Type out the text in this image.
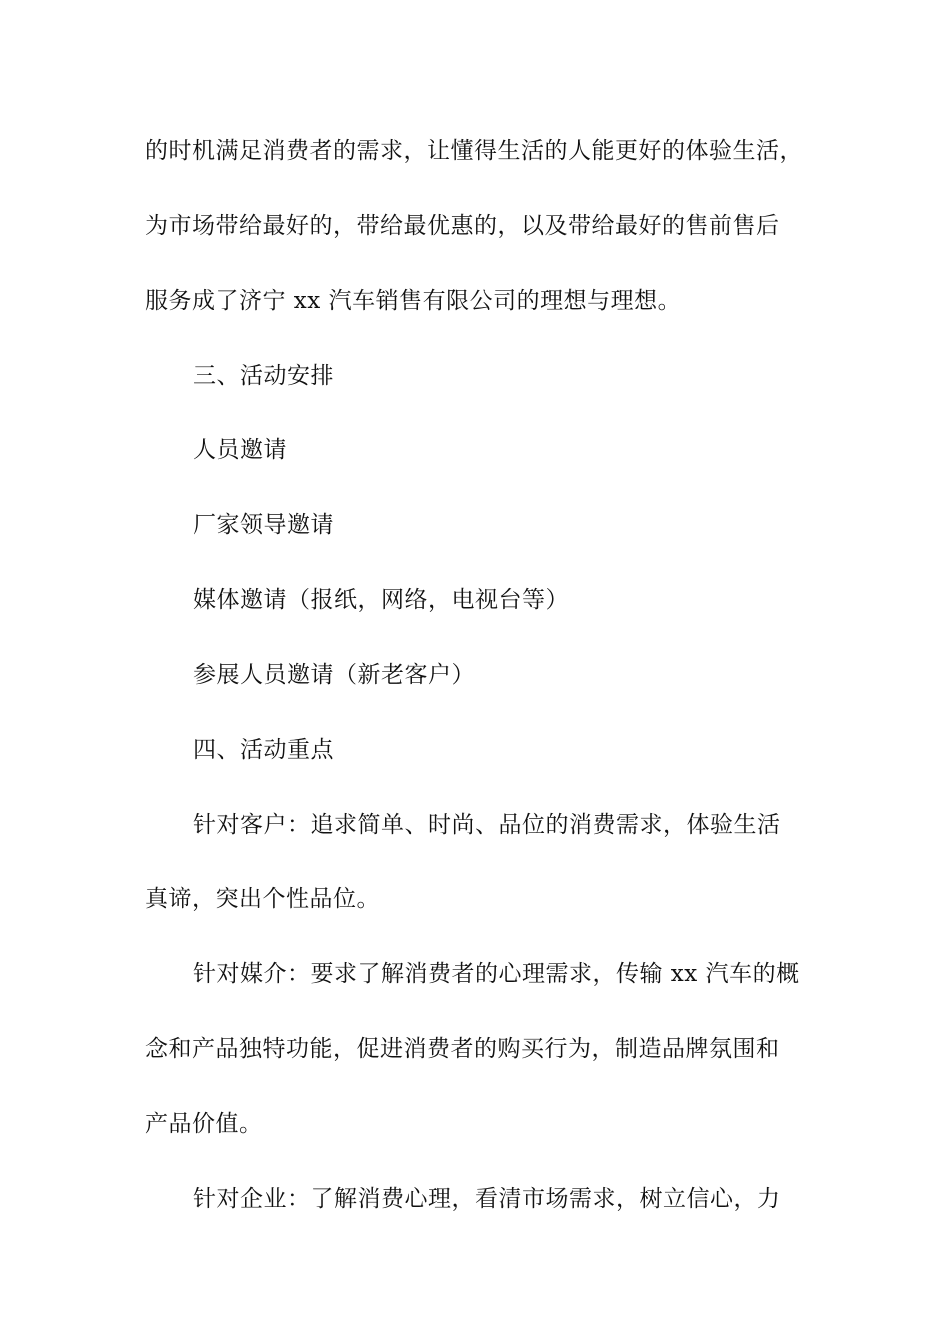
的时机满足消费者的需求，让懂得生活的人能更好的体验生活，
为市场带给最好的，带给最优惠的，以及带给最好的售前售后
服务成了济宁 xx 汽车销售有限公司的理想与理想。
三、活动安排
人员邀请
厂家领导邀请
媒体邀请（报纸，网络，电视台等）
参展人员邀请（新老客户）
四、活动重点
针对客户：追求简单、时尚、品位的消费需求，体验生活
真谛，突出个性品位。
针对媒介：要求了解消费者的心理需求，传输 xx 汽车的概
念和产品独特功能，促进消费者的购买行为，制造品牌氛围和
产品价值。
针对企业：了解消费心理，看清市场需求，树立信心，力
